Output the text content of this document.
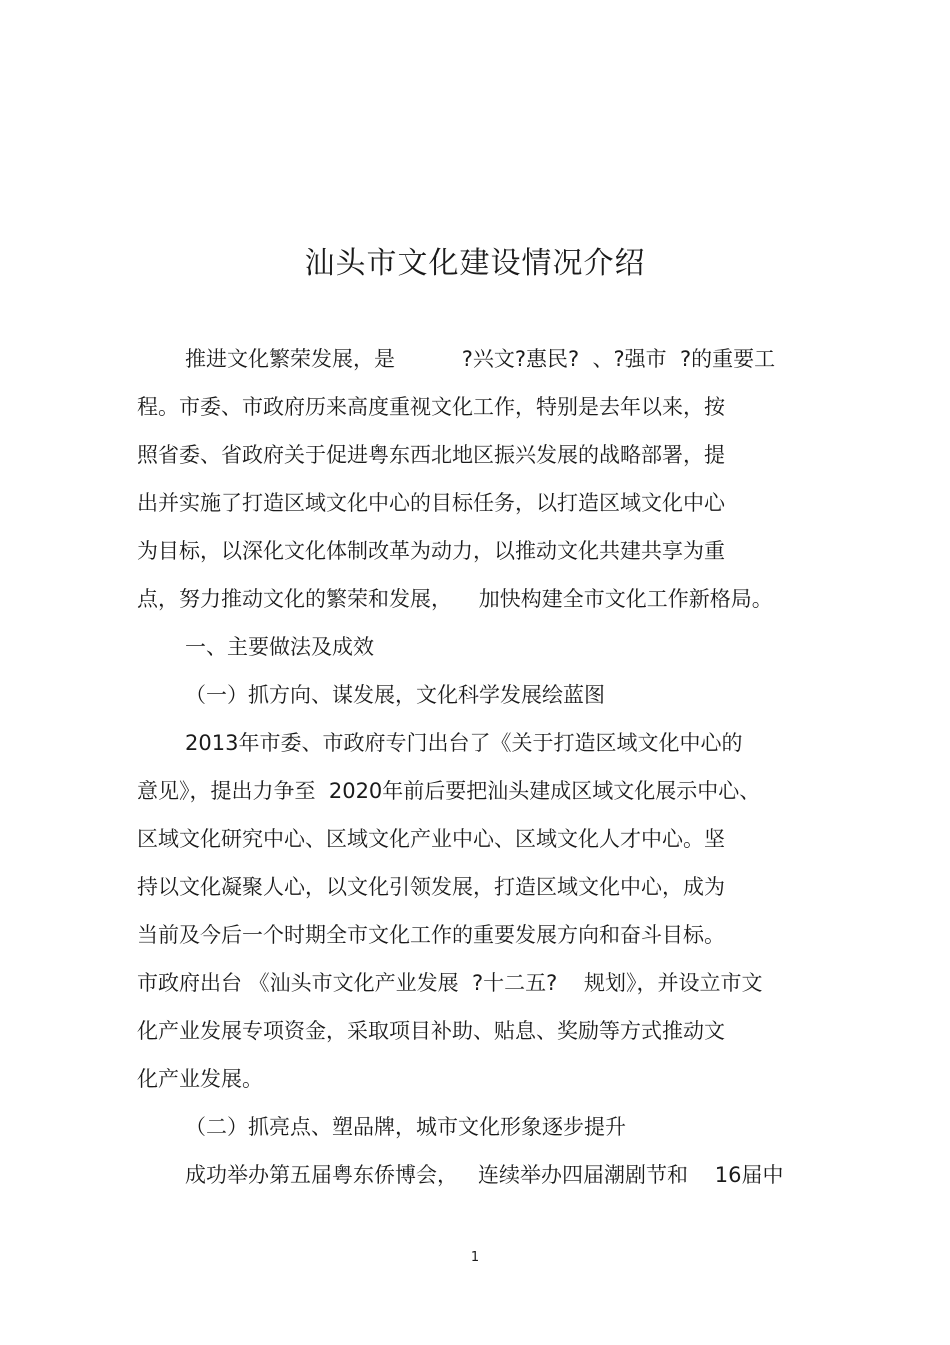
汕头市文化建设情况介绍

推进文化繁荣发展，是          ?兴文?惠民?  、?强市  ?的重要工

程。市委、市政府历来高度重视文化工作，特别是去年以来，按

照省委、省政府关于促进粤东西北地区振兴发展的战略部署，提

出并实施了打造区域文化中心的目标任务，以打造区域文化中心

为目标，以深化文化体制改革为动力，以推动文化共建共享为重

点，努力推动文化的繁荣和发展，    加快构建全市文化工作新格局。

一、主要做法及成效

（一）抓方向、谋发展，文化科学发展绘蓝图

2013年市委、市政府专门出台了《关于打造区域文化中心的

意见》，提出力争至  2020年前后要把汕头建成区域文化展示中心、

区域文化研究中心、区域文化产业中心、区域文化人才中心。坚

持以文化凝聚人心，以文化引领发展，打造区域文化中心，成为

当前及今后一个时期全市文化工作的重要发展方向和奋斗目标。

市政府出台 《汕头市文化产业发展  ?十二五?    规划》，并设立市文

化产业发展专项资金，采取项目补助、贴息、奖励等方式推动文

化产业发展。

（二）抓亮点、塑品牌，城市文化形象逐步提升

成功举办第五届粤东侨博会，   连续举办四届潮剧节和    16届中

1
